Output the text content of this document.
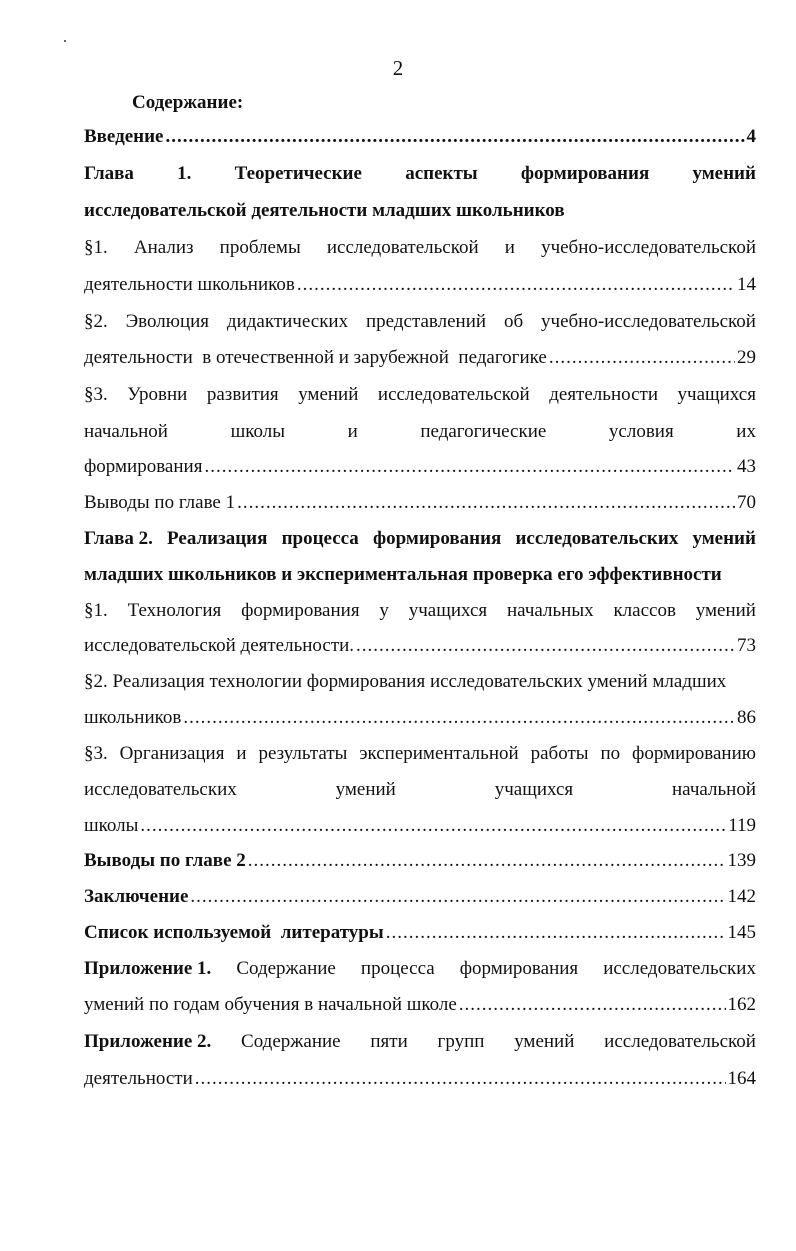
2
Содержание:
Введение .....	4
Глава 1. Теоретические аспекты формирования умений
исследовательской деятельности младших школьников
§1. Анализ проблемы исследовательской и учебно-исследовательской
деятельности школьников .....	14
§2. Эволюция дидактических представлений об учебно-исследовательской
деятельности  в отечественной и зарубежной  педагогике .....	29
§3. Уровни развития умений исследовательской деятельности учащихся
начальной	школы	и	педагогические	условия	их
формирования .....	43
Выводы по главе 1 .....	70
Глава 2. Реализация процесса формирования исследовательских умений
младших школьников и экспериментальная проверка его эффективности
§1. Технология формирования у учащихся начальных классов умений
исследовательской деятельности. .....	73
§2. Реализация технологии формирования исследовательских умений младших
школьников .....	86
§3. Организация и результаты экспериментальной работы по формированию
исследовательских	умений	учащихся	начальной
школы .....	119
Выводы по главе 2 .....	139
Заключение .....	142
Список используемой  литературы .....	145
Приложение 1. Содержание процесса формирования исследовательских
умений по годам обучения в начальной школе .....	162
Приложение 2. Содержание пяти групп умений исследовательской
деятельности .....	164
